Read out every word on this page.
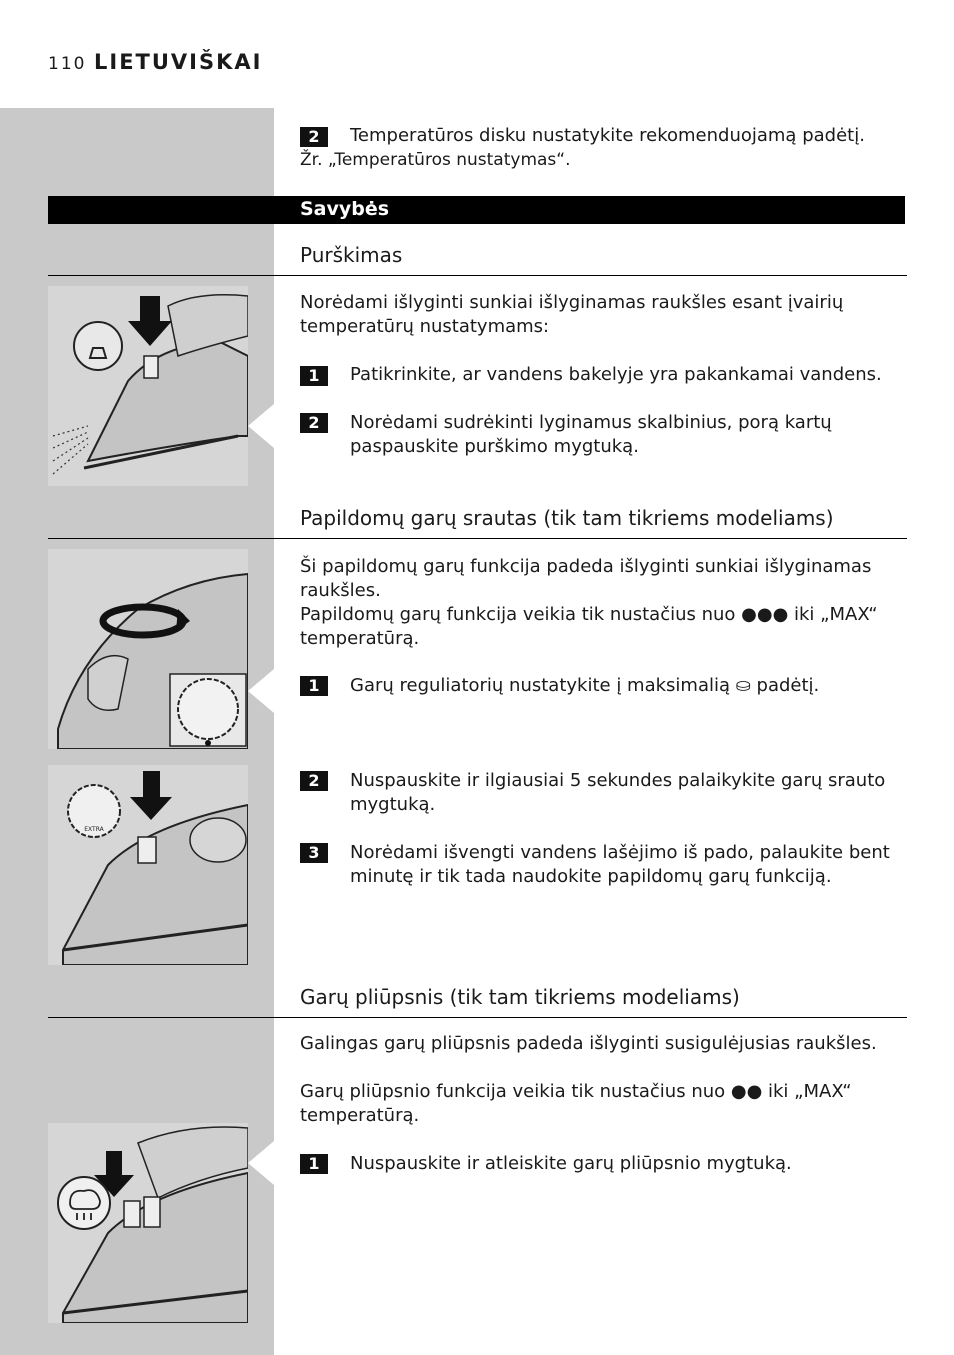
110 LIETUVIŠKAI
2	Temperatūros disku nustatykite rekomenduojamą padėtį.
Žr. „Temperatūros nustatymas“.
Savybės
Purškimas
Norėdami išlyginti sunkiai išlyginamas raukšles esant įvairių temperatūrų nustatymams:
1	Patikrinkite, ar vandens bakelyje yra pakankamai vandens.
2	Norėdami sudrėkinti lyginamus skalbinius, porą kartų
paspauskite purškimo mygtuką.
Papildomų garų srautas (tik tam tikriems modeliams)
EXTRA
Ši papildomų garų funkcija padeda išlyginti sunkiai išlyginamas raukšles.
Papildomų garų funkcija veikia tik nustačius nuo ●●● iki „MAX“
temperatūrą.
1	Garų reguliatorių nustatykite į maksimalią ⛀ padėtį.
2	Nuspauskite ir ilgiausiai 5 sekundes palaikykite garų srauto
mygtuką.
3	Norėdami išvengti vandens lašėjimo iš pado, palaukite bent
minutę ir tik tada naudokite papildomų garų funkciją.
Garų pliūpsnis (tik tam tikriems modeliams)
Galingas garų pliūpsnis padeda išlyginti susigulėjusias raukšles.
Garų pliūpsnio funkcija veikia tik nustačius nuo ●● iki „MAX“
temperatūrą.
1	Nuspauskite ir atleiskite garų pliūpsnio mygtuką.
